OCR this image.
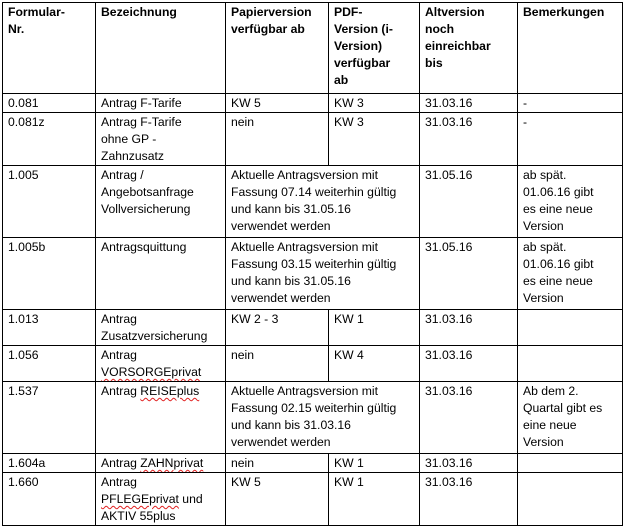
Formular-
Nr.	Bezeichnung	Papierversion
verfügbar ab	PDF-
Version (i-
Version)
verfügbar
ab	Altversion
noch
einreichbar
bis	Bemerkungen

0.081	Antrag F-Tarife	KW 5	KW 3	31.03.16	-

0.081z	Antrag F-Tarife
ohne GP -
Zahnzusatz	nein	KW 3	31.03.16	-

1.005	Antrag /
Angebotsanfrage
Vollversicherung	Aktuelle Antragsversion mit
Fassung 07.14 weiterhin gültig
und kann bis 31.05.16
verwendet werden		31.05.16	ab spät.
01.06.16 gibt
es eine neue
Version

1.005b	Antragsquittung	Aktuelle Antragsversion mit
Fassung 03.15 weiterhin gültig
und kann bis 31.05.16
verwendet werden		31.05.16	ab spät.
01.06.16 gibt
es eine neue
Version

1.013	Antrag
Zusatzversicherung	KW 2 - 3	KW 1	31.03.16	

1.056	Antrag
VORSORGEprivat	nein	KW 4	31.03.16	

1.537	Antrag REISEplus	Aktuelle Antragsversion mit
Fassung 02.15 weiterhin gültig
und kann bis 31.03.16
verwendet werden		31.03.16	Ab dem 2.
Quartal gibt es
eine neue
Version

1.604a	Antrag ZAHNprivat	nein	KW 1	31.03.16	

1.660	Antrag
PFLEGEprivat und
AKTIV 55plus	KW 5	KW 1	31.03.16	
